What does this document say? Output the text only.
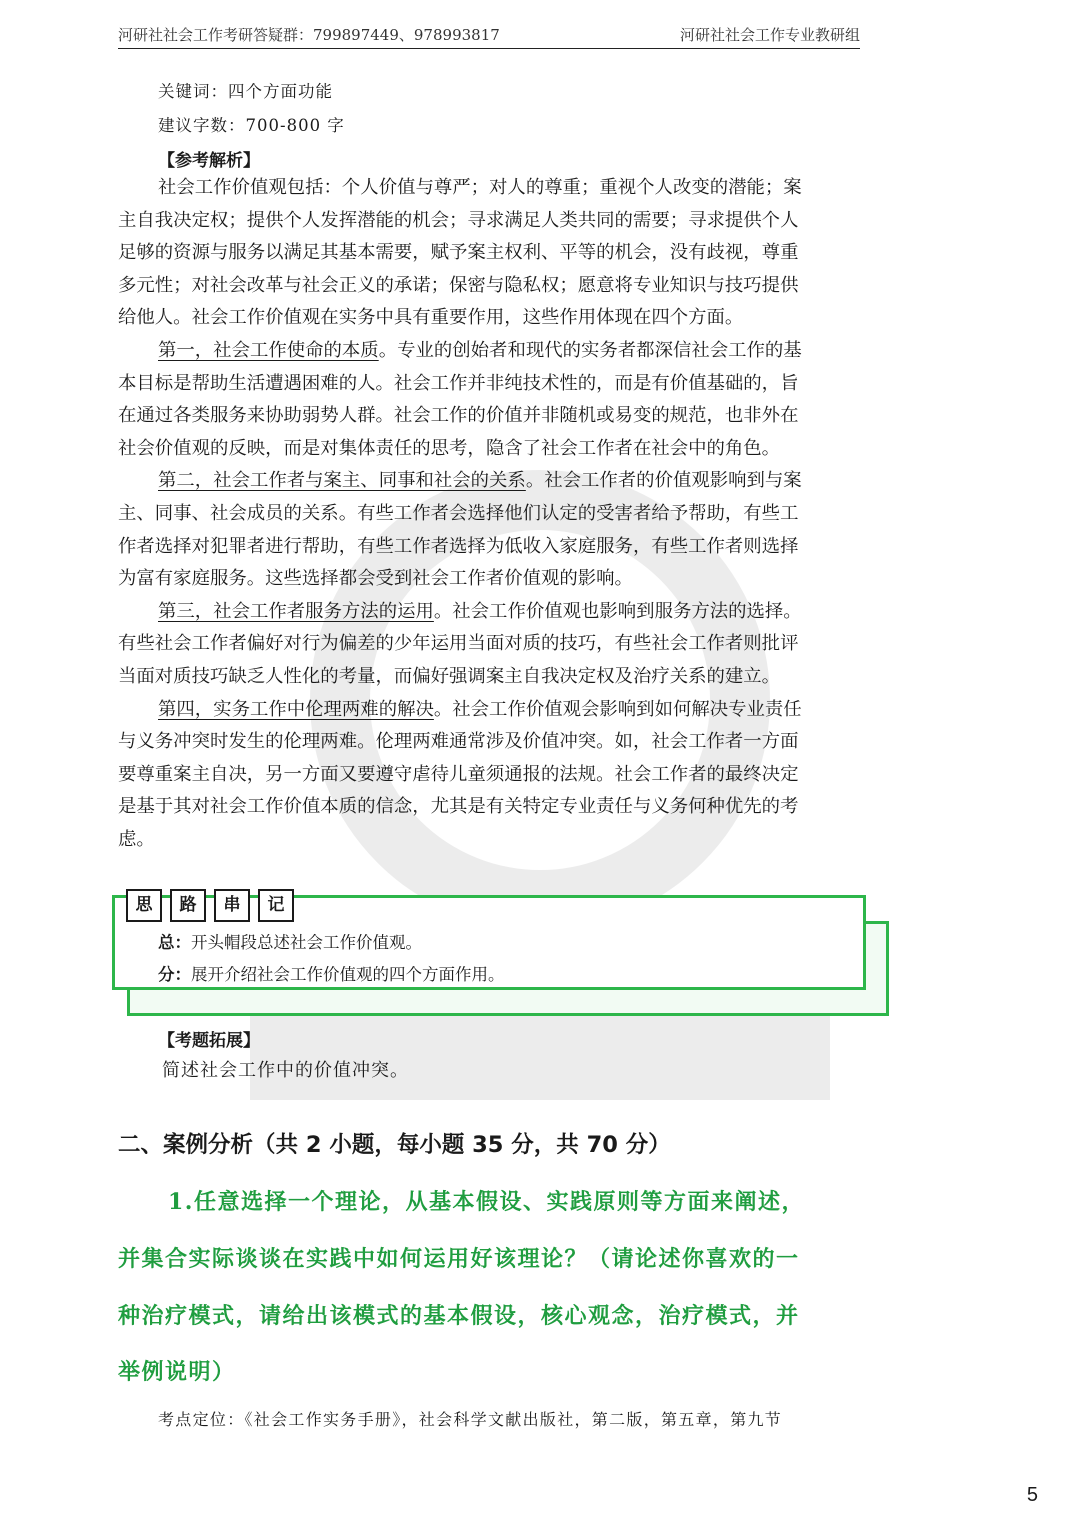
河研社社会工作考研答疑群：799897449、978993817	河研社社会工作专业教研组
关键词：四个方面功能
建议字数：700-800 字
【参考解析】
社会工作价值观包括：个人价值与尊严；对人的尊重；重视个人改变的潜能；案
主自我决定权；提供个人发挥潜能的机会；寻求满足人类共同的需要；寻求提供个人
足够的资源与服务以满足其基本需要，赋予案主权利、平等的机会，没有歧视，尊重
多元性；对社会改革与社会正义的承诺；保密与隐私权；愿意将专业知识与技巧提供
给他人。社会工作价值观在实务中具有重要作用，这些作用体现在四个方面。
第一，社会工作使命的本质。专业的创始者和现代的实务者都深信社会工作的基
本目标是帮助生活遭遇困难的人。社会工作并非纯技术性的，而是有价值基础的，旨
在通过各类服务来协助弱势人群。社会工作的价值并非随机或易变的规范，也非外在
社会价值观的反映，而是对集体责任的思考，隐含了社会工作者在社会中的角色。
第二，社会工作者与案主、同事和社会的关系。社会工作者的价值观影响到与案
主、同事、社会成员的关系。有些工作者会选择他们认定的受害者给予帮助，有些工
作者选择对犯罪者进行帮助，有些工作者选择为低收入家庭服务，有些工作者则选择
为富有家庭服务。这些选择都会受到社会工作者价值观的影响。
第三，社会工作者服务方法的运用。社会工作价值观也影响到服务方法的选择。
有些社会工作者偏好对行为偏差的少年运用当面对质的技巧，有些社会工作者则批评
当面对质技巧缺乏人性化的考量，而偏好强调案主自我决定权及治疗关系的建立。
第四，实务工作中伦理两难的解决。社会工作价值观会影响到如何解决专业责任
与义务冲突时发生的伦理两难。伦理两难通常涉及价值冲突。如，社会工作者一方面
要尊重案主自决，另一方面又要遵守虐待儿童须通报的法规。社会工作者的最终决定
是基于其对社会工作价值本质的信念，尤其是有关特定专业责任与义务何种优先的考
虑。
思	路	串	记
总：开头帽段总述社会工作价值观。
分：展开介绍社会工作价值观的四个方面作用。
【考题拓展】
简述社会工作中的价值冲突。
二、案例分析（共 2 小题，每小题 35 分，共 70 分）
1.任意选择一个理论，从基本假设、实践原则等方面来阐述，
并集合实际谈谈在实践中如何运用好该理论？（请论述你喜欢的一
种治疗模式，请给出该模式的基本假设，核心观念，治疗模式，并
举例说明）
考点定位：《社会工作实务手册》，社会科学文献出版社，第二版，第五章，第九节
5
